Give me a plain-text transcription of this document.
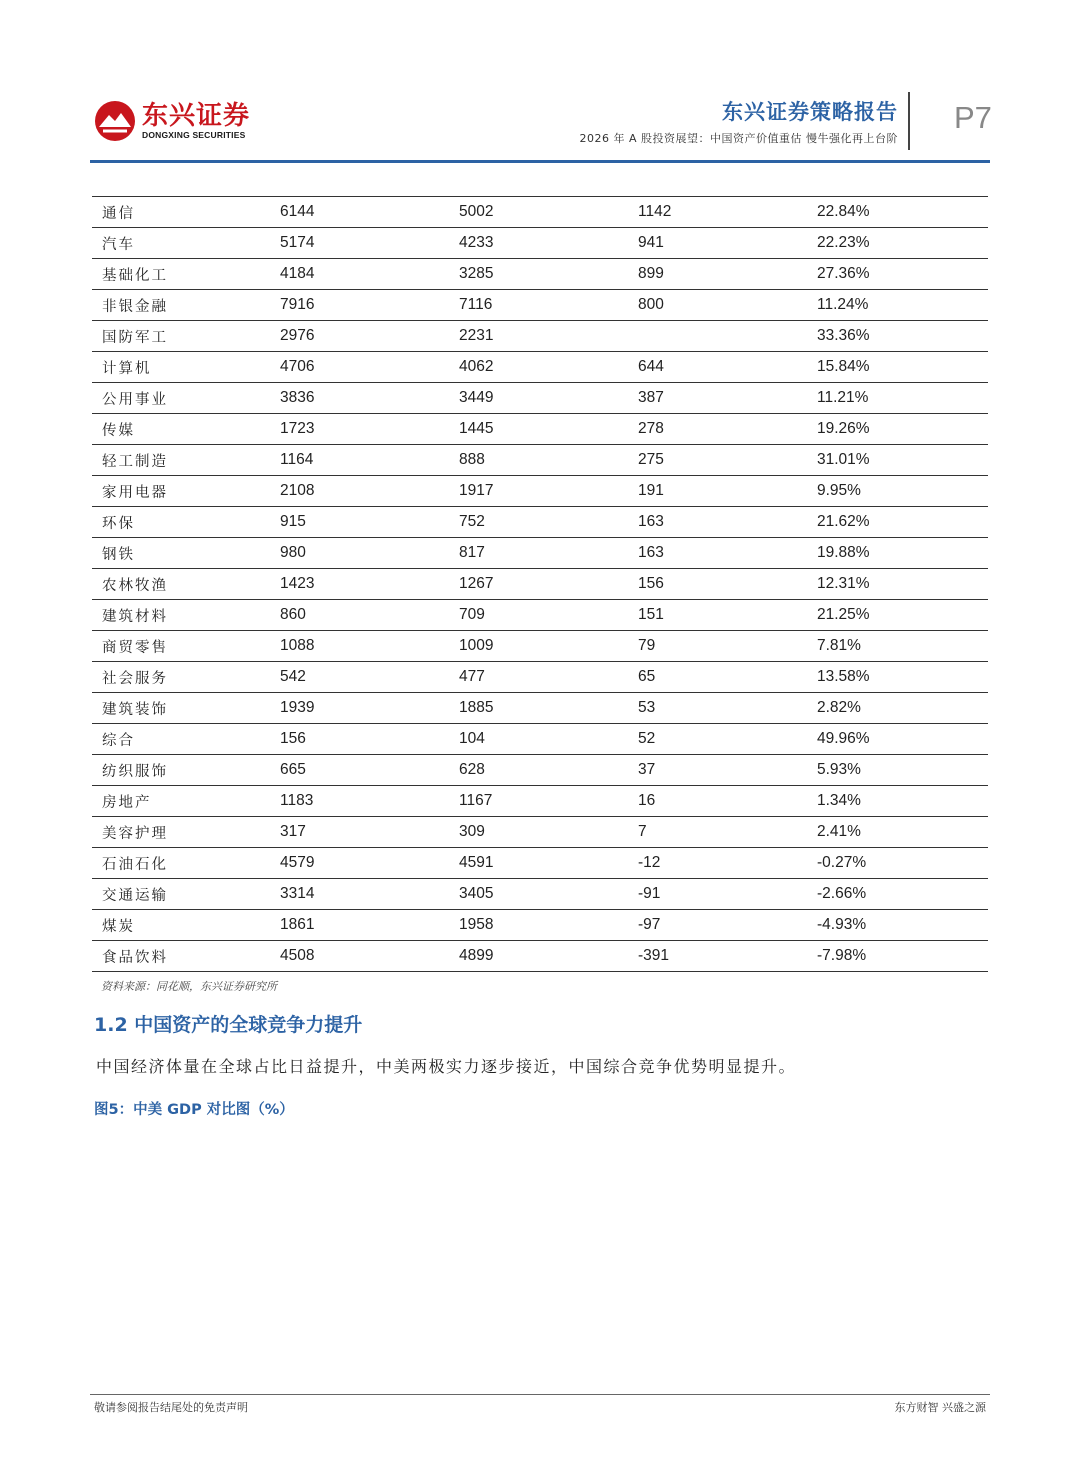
东兴证券
DONGXING SECURITIES
东兴证券策略报告
2026 年 A 股投资展望：中国资产价值重估 慢牛强化再上台阶
P7
通信	6144	5002	1142	22.84%
汽车	5174	4233	941	22.23%
基础化工	4184	3285	899	27.36%
非银金融	7916	7116	800	11.24%
国防军工	2976	2231		33.36%
计算机	4706	4062	644	15.84%
公用事业	3836	3449	387	11.21%
传媒	1723	1445	278	19.26%
轻工制造	1164	888	275	31.01%
家用电器	2108	1917	191	9.95%
环保	915	752	163	21.62%
钢铁	980	817	163	19.88%
农林牧渔	1423	1267	156	12.31%
建筑材料	860	709	151	21.25%
商贸零售	1088	1009	79	7.81%
社会服务	542	477	65	13.58%
建筑装饰	1939	1885	53	2.82%
综合	156	104	52	49.96%
纺织服饰	665	628	37	5.93%
房地产	1183	1167	16	1.34%
美容护理	317	309	7	2.41%
石油石化	4579	4591	-12	-0.27%
交通运输	3314	3405	-91	-2.66%
煤炭	1861	1958	-97	-4.93%
食品饮料	4508	4899	-391	-7.98%
资料来源：同花顺，东兴证券研究所
1.2 中国资产的全球竞争力提升
中国经济体量在全球占比日益提升，中美两极实力逐步接近，中国综合竞争优势明显提升。
图5：中美 GDP 对比图（%）
敬请参阅报告结尾处的免责声明	东方财智 兴盛之源
